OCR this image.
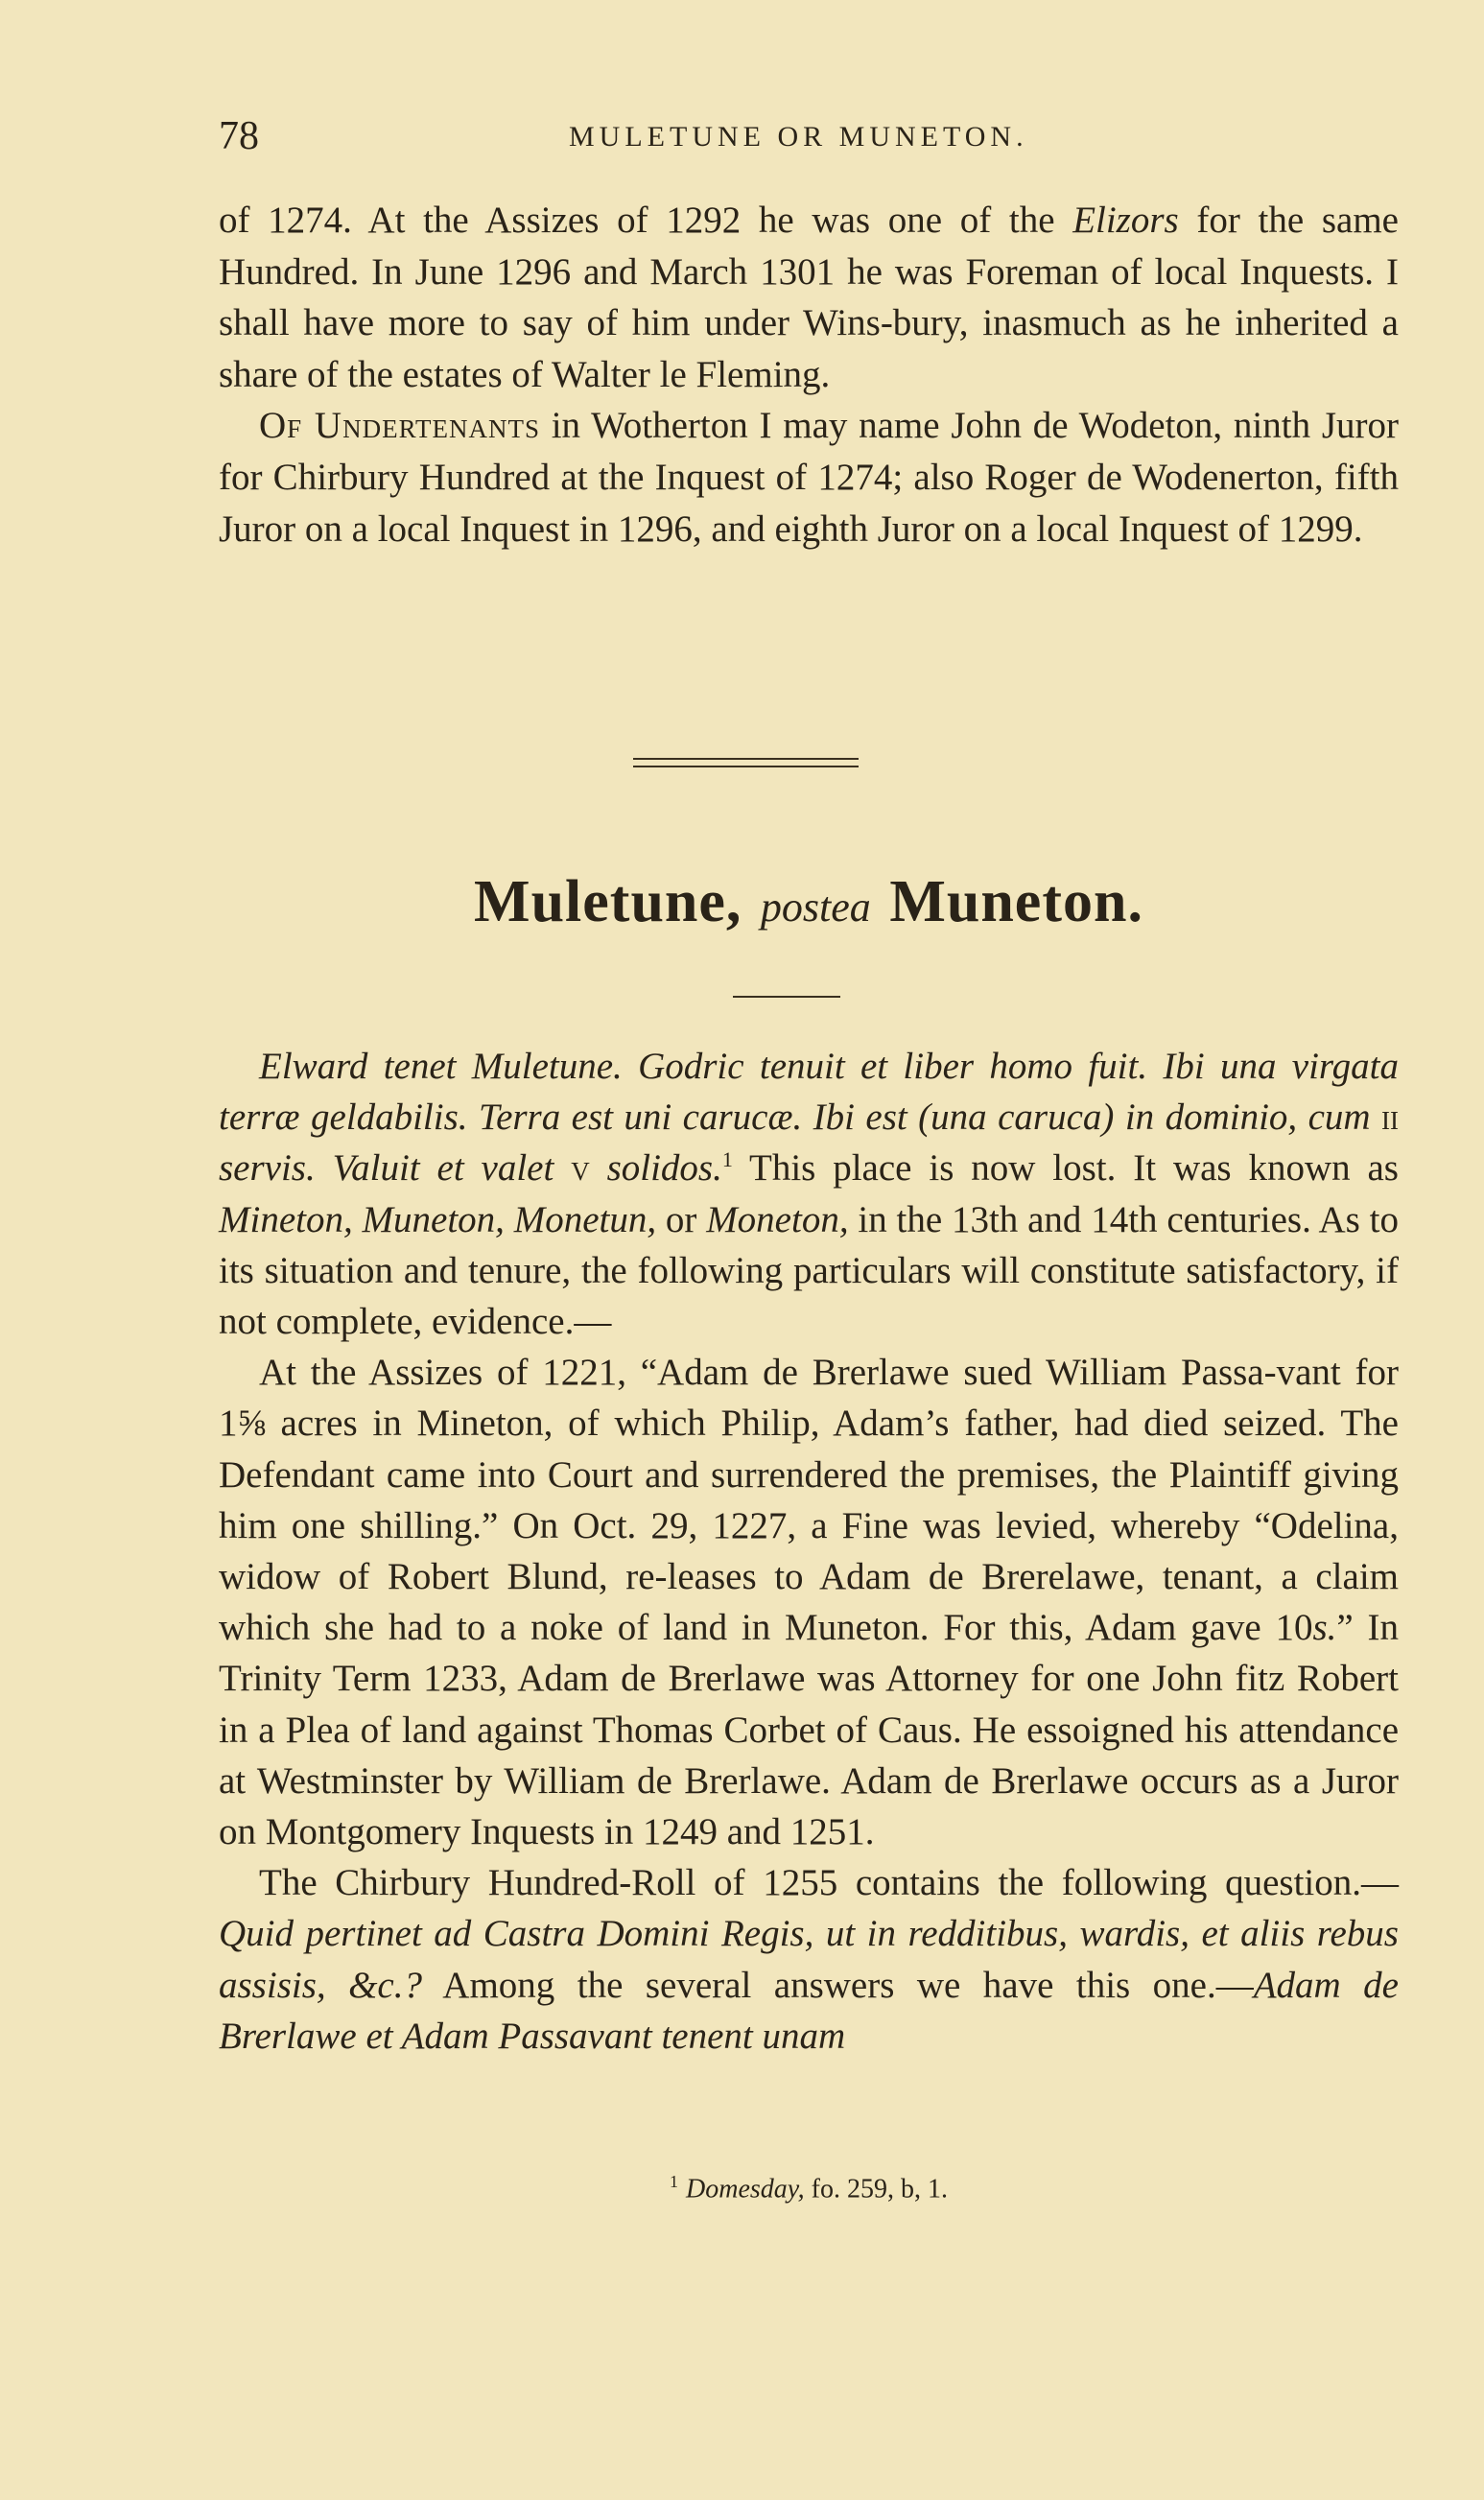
78	MULETUNE OR MUNETON.

of 1274. At the Assizes of 1292 he was one of the Elizors for the same Hundred. In June 1296 and March 1301 he was Foreman of local Inquests. I shall have more to say of him under Wins-bury, inasmuch as he inherited a share of the estates of Walter le Fleming.

Of Undertenants in Wotherton I may name John de Wodeton, ninth Juror for Chirbury Hundred at the Inquest of 1274; also Roger de Wodenerton, fifth Juror on a local Inquest in 1296, and eighth Juror on a local Inquest of 1299.

Muletune, postea Muneton.

Elward tenet Muletune. Godric tenuit et liber homo fuit. Ibi una virgata terræ geldabilis. Terra est uni carucæ. Ibi est (una caruca) in dominio, cum ii servis. Valuit et valet v solidos.$^1$ This place is now lost. It was known as Mineton, Muneton, Monetun, or Moneton, in the 13th and 14th centuries. As to its situation and tenure, the following particulars will constitute satisfactory, if not complete, evidence.—

At the Assizes of 1221, “Adam de Brerlawe sued William Passa-vant for 1⅝ acres in Mineton, of which Philip, Adam’s father, had died seized. The Defendant came into Court and surrendered the premises, the Plaintiff giving him one shilling.” On Oct. 29, 1227, a Fine was levied, whereby “Odelina, widow of Robert Blund, re-leases to Adam de Brerelawe, tenant, a claim which she had to a noke of land in Muneton. For this, Adam gave 10s.” In Trinity Term 1233, Adam de Brerlawe was Attorney for one John fitz Robert in a Plea of land against Thomas Corbet of Caus. He essoigned his attendance at Westminster by William de Brerlawe. Adam de Brerlawe occurs as a Juror on Montgomery Inquests in 1249 and 1251.

The Chirbury Hundred-Roll of 1255 contains the following question.—Quid pertinet ad Castra Domini Regis, ut in redditibus, wardis, et aliis rebus assisis, &c.? Among the several answers we have this one.—Adam de Brerlawe et Adam Passavant tenent unam

$^1$ Domesday, fo. 259, b, 1.
